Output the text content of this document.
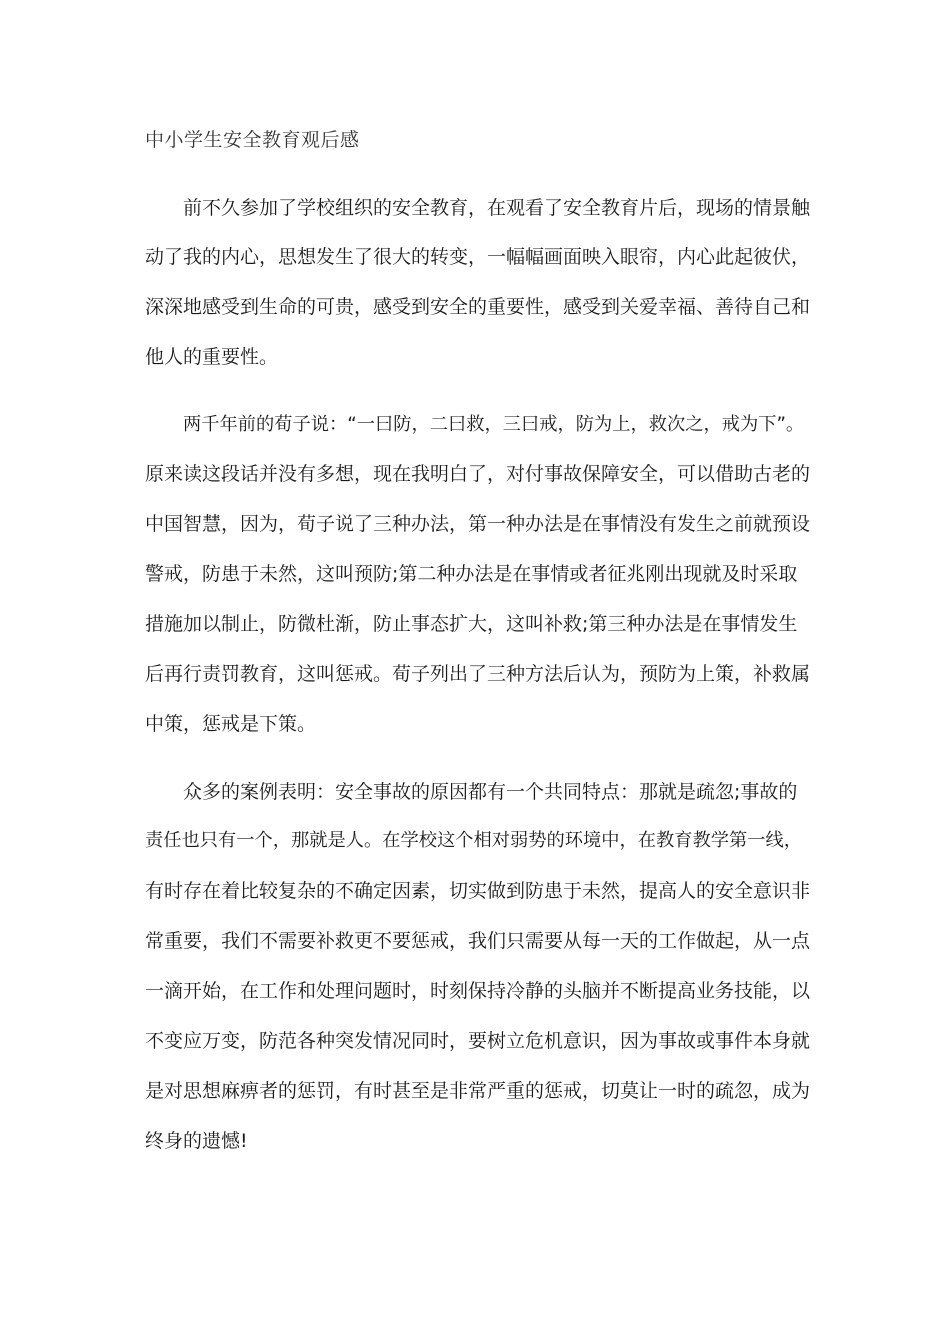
中小学生安全教育观后感
前不久参加了学校组织的安全教育，在观看了安全教育片后，现场的情景触
动了我的内心，思想发生了很大的转变，一幅幅画面映入眼帘，内心此起彼伏，
深深地感受到生命的可贵，感受到安全的重要性，感受到关爱幸福、善待自己和
他人的重要性。
两千年前的荀子说：“一曰防，二曰救，三曰戒，防为上，救次之，戒为下”。
原来读这段话并没有多想，现在我明白了，对付事故保障安全，可以借助古老的
中国智慧，因为，荀子说了三种办法，第一种办法是在事情没有发生之前就预设
警戒，防患于未然，这叫预防;第二种办法是在事情或者征兆刚出现就及时采取
措施加以制止，防微杜渐，防止事态扩大，这叫补救;第三种办法是在事情发生
后再行责罚教育，这叫惩戒。荀子列出了三种方法后认为，预防为上策，补救属
中策，惩戒是下策。
众多的案例表明：安全事故的原因都有一个共同特点：那就是疏忽;事故的
责任也只有一个，那就是人。在学校这个相对弱势的环境中，在教育教学第一线，
有时存在着比较复杂的不确定因素，切实做到防患于未然，提高人的安全意识非
常重要，我们不需要补救更不要惩戒，我们只需要从每一天的工作做起，从一点
一滴开始，在工作和处理问题时，时刻保持冷静的头脑并不断提高业务技能，以
不变应万变，防范各种突发情况同时，要树立危机意识，因为事故或事件本身就
是对思想麻痹者的惩罚，有时甚至是非常严重的惩戒，切莫让一时的疏忽，成为
终身的遗憾!
